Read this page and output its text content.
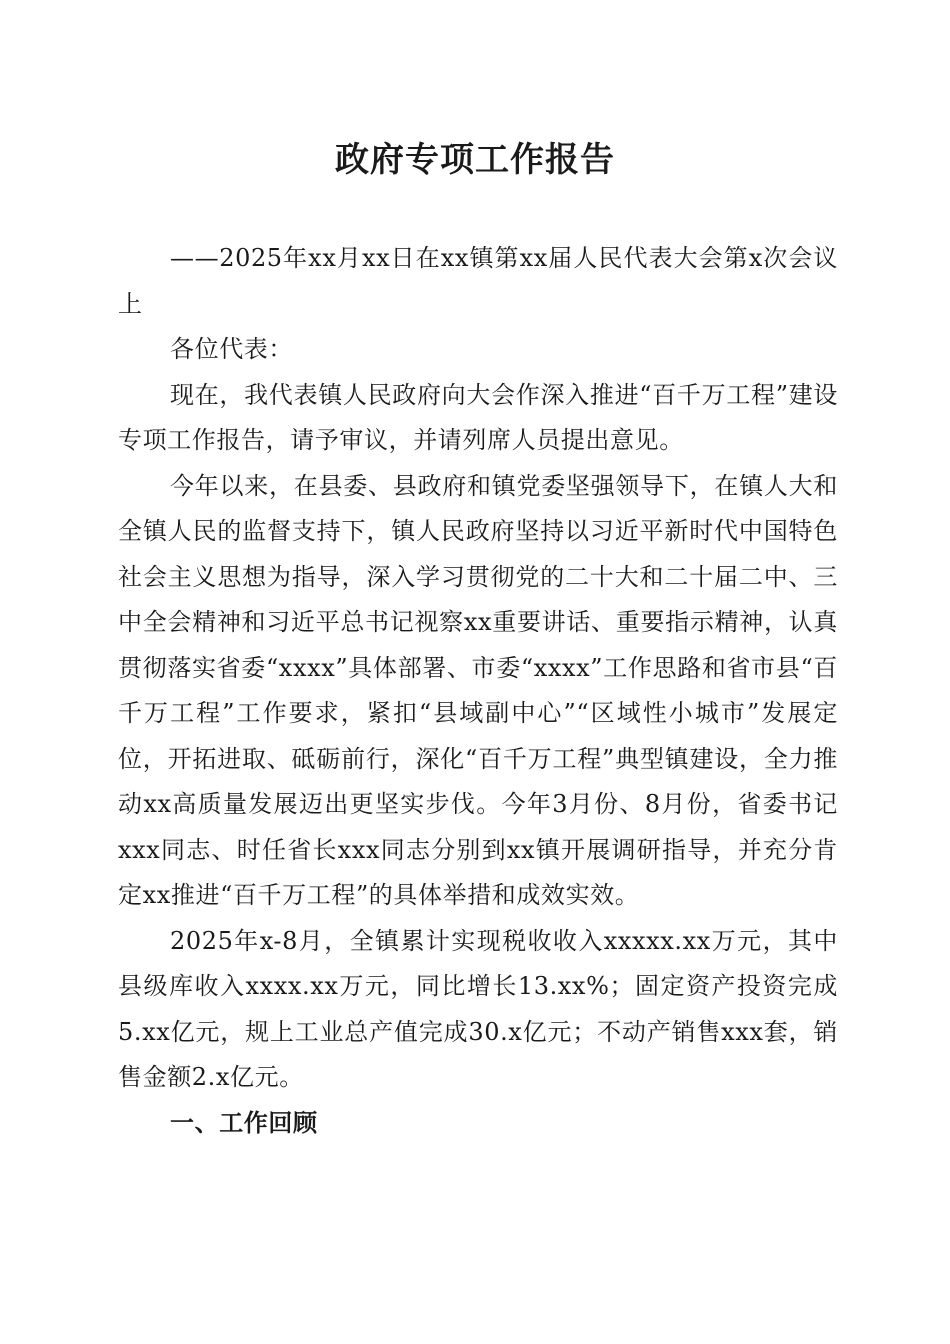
政府专项工作报告

——2025年xx月xx日在xx镇第xx届人民代表大会第x次会议上

各位代表：

现在，我代表镇人民政府向大会作深入推进“百千万工程”建设专项工作报告，请予审议，并请列席人员提出意见。

今年以来，在县委、县政府和镇党委坚强领导下，在镇人大和全镇人民的监督支持下，镇人民政府坚持以习近平新时代中国特色社会主义思想为指导，深入学习贯彻党的二十大和二十届二中、三中全会精神和习近平总书记视察xx重要讲话、重要指示精神，认真贯彻落实省委“xxxx”具体部署、市委“xxxx”工作思路和省市县“百千万工程”工作要求，紧扣“县域副中心”“区域性小城市”发展定位，开拓进取、砥砺前行，深化“百千万工程”典型镇建设，全力推动xx高质量发展迈出更坚实步伐。今年3月份、8月份，省委书记xxx同志、时任省长xxx同志分别到xx镇开展调研指导，并充分肯定xx推进“百千万工程”的具体举措和成效实效。

2025年x-8月，全镇累计实现税收收入xxxxx.xx万元，其中县级库收入xxxx.xx万元，同比增长13.xx%；固定资产投资完成5.xx亿元，规上工业总产值完成30.x亿元；不动产销售xxx套，销售金额2.x亿元。

一、工作回顾
